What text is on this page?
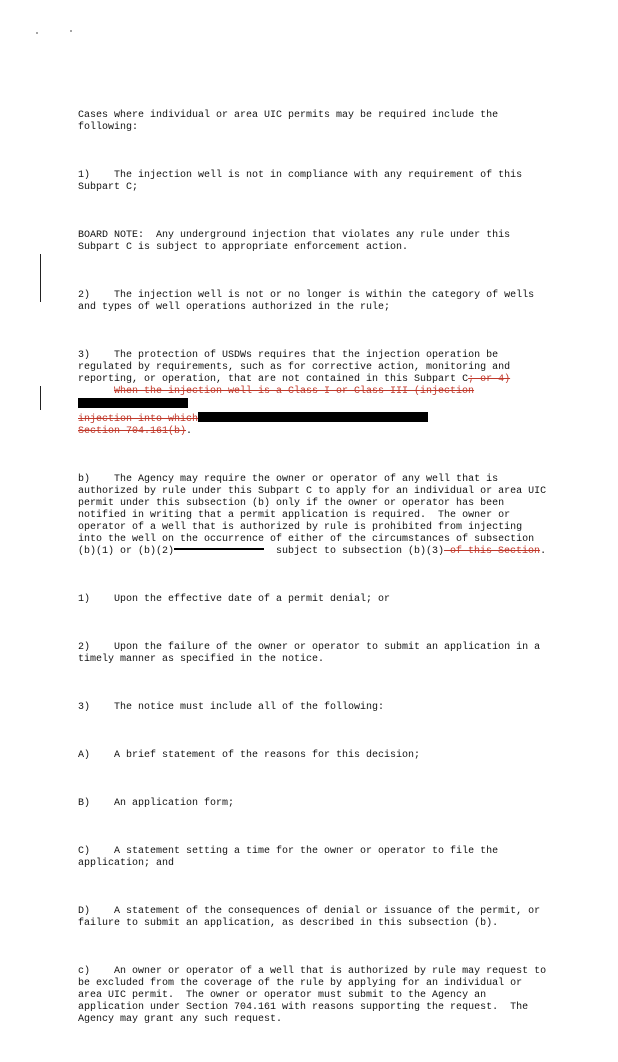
Cases where individual or area UIC permits may be required include the following:

1)    The injection well is not in compliance with any requirement of this Subpart C;

BOARD NOTE:  Any underground injection that violates any rule under this Subpart C is subject to appropriate enforcement action.

2)    The injection well is not or no longer is within the category of wells and types of well operations authorized in the rule;

3)    The protection of USDWs requires that the injection operation be regulated by requirements, such as for corrective action, monitoring and reporting, or operation, that are not contained in this Subpart C; or 4)
When the injection well is a Class I or Class III (injection
injection into which
Section 704.161(b).

b)    The Agency may require the owner or operator of any well that is authorized by rule under this Subpart C to apply for an individual or area UIC permit under this subsection (b) only if the owner or operator has been notified in writing that a permit application is required.  The owner or operator of a well that is authorized by rule is prohibited from injecting into the well on the occurrence of either of the circumstances of subsection (b)(1) or (b)(2)	subject to subsection (b)(3) of this Section.

1)    Upon the effective date of a permit denial; or

2)    Upon the failure of the owner or operator to submit an application in a timely manner as specified in the notice.

3)    The notice must include all of the following:

A)    A brief statement of the reasons for this decision;

B)    An application form;

C)    A statement setting a time for the owner or operator to file the application; and

D)    A statement of the consequences of denial or issuance of the permit, or failure to submit an application, as described in this subsection (b).

c)    An owner or operator of a well that is authorized by rule may request to be excluded from the coverage of the rule by applying for an individual or area UIC permit.  The owner or operator must submit to the Agency an application under Section 704.161 with reasons supporting the request.  The Agency may grant any such request.
